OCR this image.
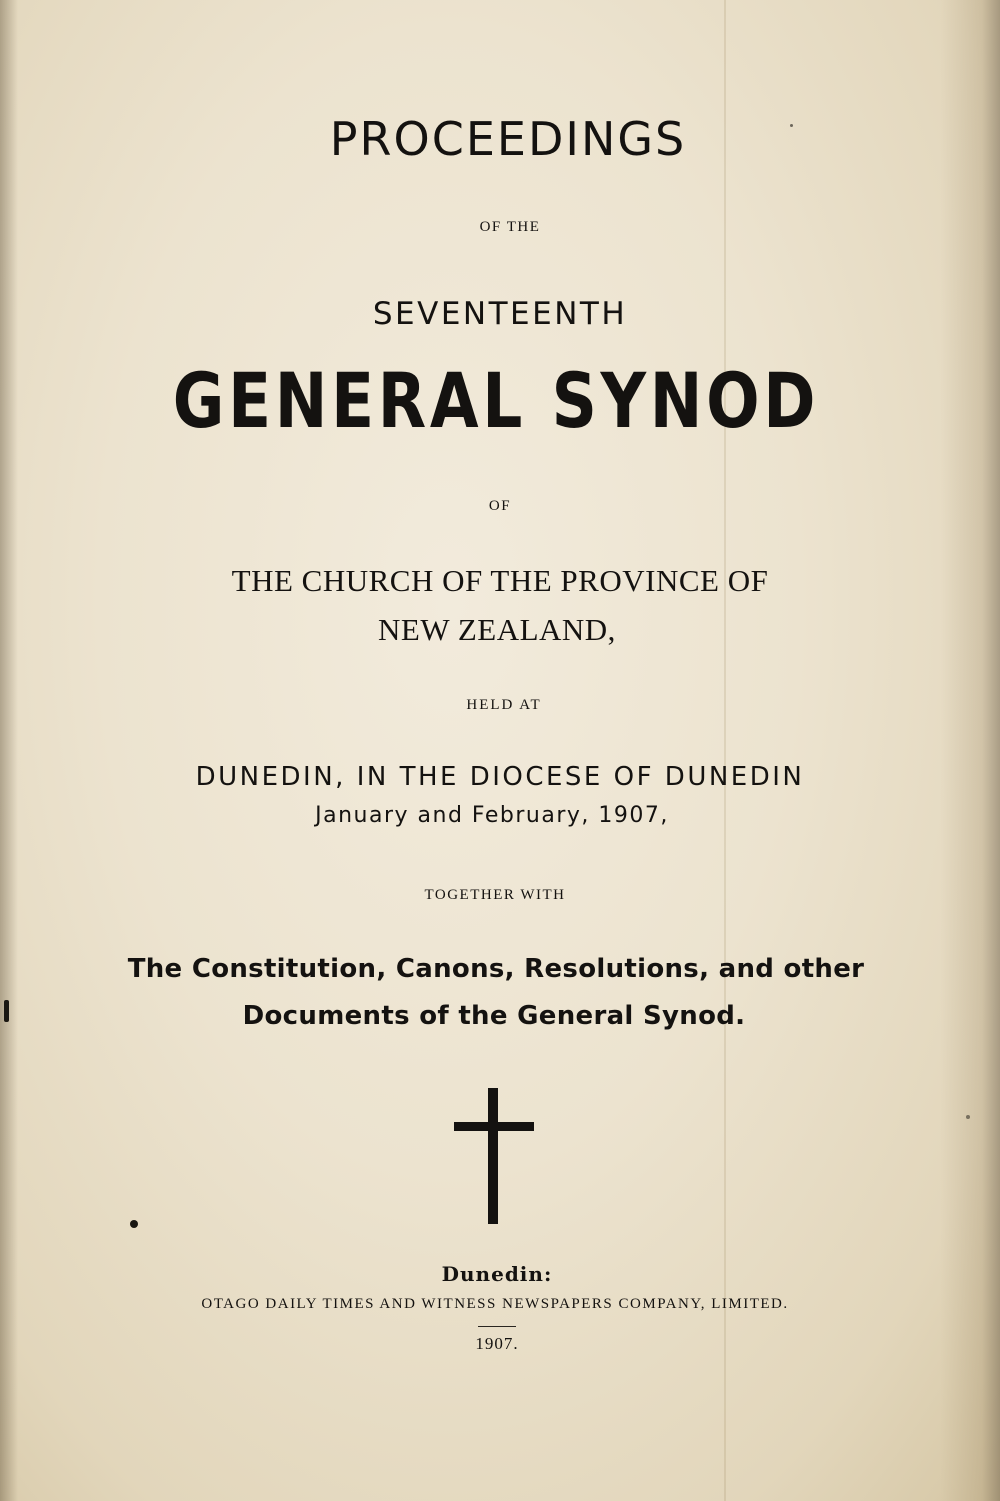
PROCEEDINGS
OF THE
SEVENTEENTH
GENERAL SYNOD
OF
THE CHURCH OF THE PROVINCE OF
NEW ZEALAND,
HELD AT
DUNEDIN, IN THE DIOCESE OF DUNEDIN
January and February, 1907,
TOGETHER WITH
The Constitution, Canons, Resolutions, and other
Documents of the General Synod.
Dunedin:
OTAGO DAILY TIMES AND WITNESS NEWSPAPERS COMPANY, LIMITED.
1907.
